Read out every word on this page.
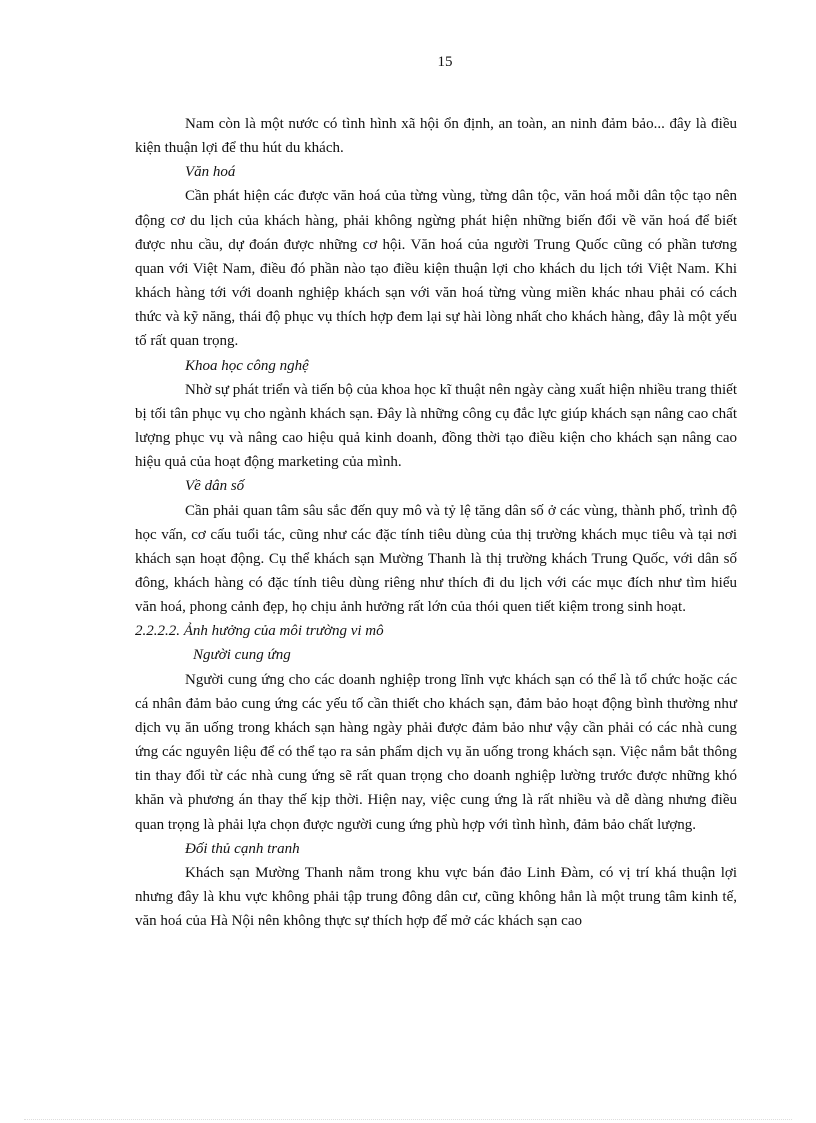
15

Nam còn là một nước có tình hình xã hội ổn định, an toàn, an ninh đảm bảo... đây là điều kiện thuận lợi để thu hút du khách.

Văn hoá

Cần phát hiện các được văn hoá của từng vùng, từng dân tộc, văn hoá mỗi dân tộc tạo nên động cơ du lịch của khách hàng, phải không ngừng phát hiện những biến đổi về văn hoá để biết được nhu cầu, dự đoán được những cơ hội. Văn hoá của người Trung Quốc cũng có phần tương quan với Việt Nam, điều đó phần nào tạo điều kiện thuận lợi cho khách du lịch tới Việt Nam. Khi khách hàng tới với doanh nghiệp khách sạn với văn hoá từng vùng miền khác nhau phải có cách thức và kỹ năng, thái độ phục vụ thích hợp đem lại sự hài lòng nhất cho khách hàng, đây là một yếu tố rất quan trọng.

Khoa học công nghệ

Nhờ sự phát triển và tiến bộ của khoa học kĩ thuật nên ngày càng xuất hiện nhiều trang thiết bị tối tân phục vụ cho ngành khách sạn. Đây là những công cụ đắc lực giúp khách sạn nâng cao chất lượng phục vụ và nâng cao hiệu quả kinh doanh, đồng thời tạo điều kiện cho khách sạn nâng cao hiệu quả của hoạt động marketing của mình.

Về dân số

Cần phải quan tâm sâu sắc đến quy mô và tỷ lệ tăng dân số ở các vùng, thành phố, trình độ học vấn, cơ cấu tuổi tác, cũng như các đặc tính tiêu dùng của thị trường khách mục tiêu và tại nơi khách sạn hoạt động. Cụ thể khách sạn Mường Thanh là thị trường khách Trung Quốc, với dân số đông, khách hàng có đặc tính tiêu dùng riêng như thích đi du lịch với các mục đích như tìm hiểu văn hoá, phong cảnh đẹp, họ chịu ảnh hưởng rất lớn của thói quen tiết kiệm trong sinh hoạt.

2.2.2.2. Ảnh hưởng của môi trường vi mô

Người cung ứng

Người cung ứng cho các doanh nghiệp trong lĩnh vực khách sạn có thể là tổ chức hoặc các cá nhân đảm bảo cung ứng các yếu tố cần thiết cho khách sạn, đảm bảo hoạt động bình thường như dịch vụ ăn uống trong khách sạn hàng ngày phải được đảm bảo như vậy cần phải có các nhà cung ứng các nguyên liệu để có thể tạo ra sản phẩm dịch vụ ăn uống trong khách sạn. Việc nắm bắt thông tin thay đổi từ các nhà cung ứng sẽ rất quan trọng cho doanh nghiệp lường trước được những khó khăn và phương án thay thế kịp thời. Hiện nay, việc cung ứng là rất nhiều và dễ dàng nhưng điều quan trọng là phải lựa chọn được người cung ứng phù hợp với tình hình, đảm bảo chất lượng.

Đối thủ cạnh tranh

Khách sạn Mường Thanh nằm trong khu vực bán đảo Linh Đàm, có vị trí khá thuận lợi nhưng đây là khu vực không phải tập trung đông dân cư, cũng không hẳn là một trung tâm kinh tế, văn hoá của Hà Nội nên không thực sự thích hợp để mở các khách sạn cao
